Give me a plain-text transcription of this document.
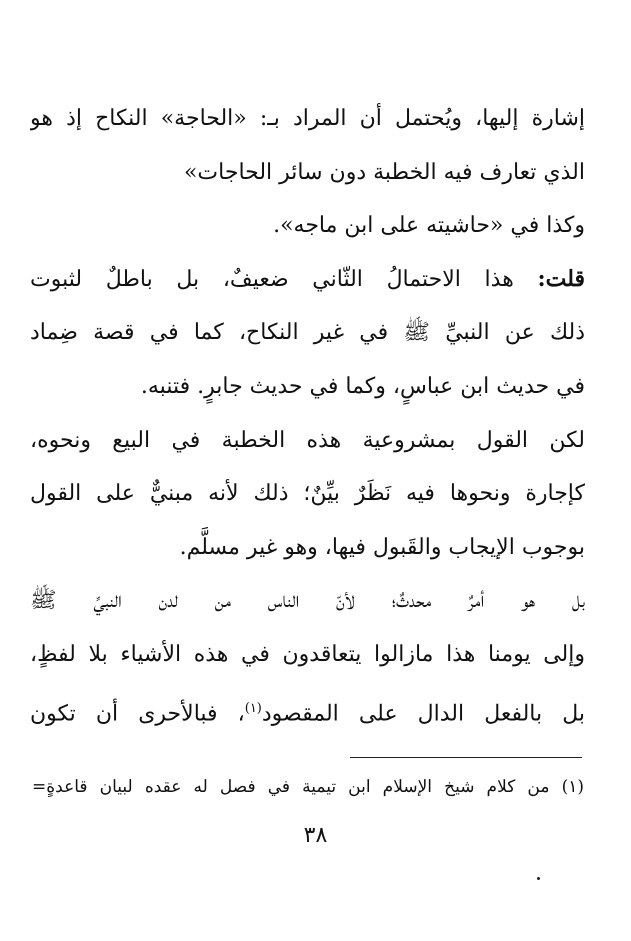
إشارة إليها، ويُحتمل أن المراد بـ: «الحاجة» النكاح إذ هو
الذي تعارف فيه الخطبة دون سائر الحاجات»
وكذا في «حاشيته على ابن ماجه».
قلت: هذا الاحتمالُ الثّاني ضعيفٌ، بل باطلٌ لثبوت
ذلك عن النبيِّ ﷺ في غير النكاح، كما في قصة ضِماد
في حديث ابن عباسٍ، وكما في حديث جابرٍ. فتنبه.
لكن القول بمشروعية هذه الخطبة في البيع ونحوه،
كإجارة ونحوها فيه نَظَرٌ بيِّنٌ؛ ذلك لأنه مبنيٌّ على القول
بوجوب الإيجاب والقَبول فيها، وهو غير مسلَّم.
بل هو أمرٌ محدثٌ؛ لأنّ الناس من لدن النبيِّ ﷺ
وإلى يومنا هذا مازالوا يتعاقدون في هذه الأشياء بلا لفظٍ،
بل بالفعل الدال على المقصود$^{(١)}$، فبالأحرى أن تكون
(١) من كلام شيخ الإسلام ابن تيمية في فصل له عقده لبيان قاعدةٍ=
٣٨
